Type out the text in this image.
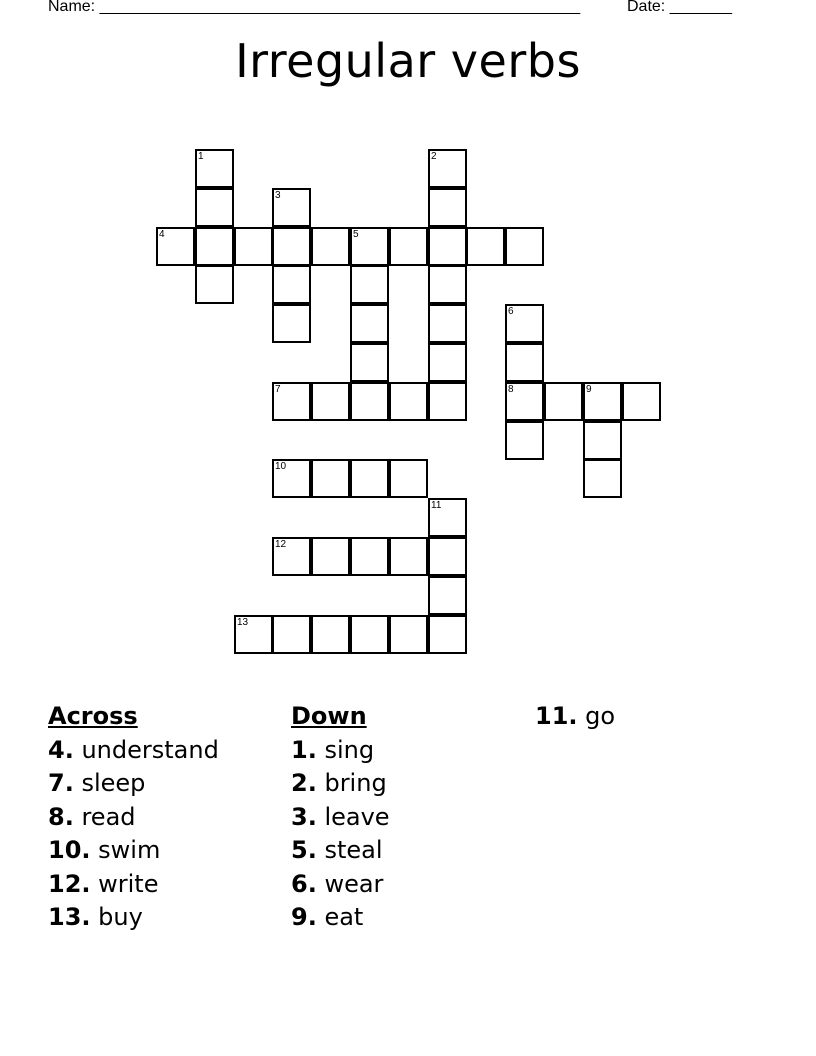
Name: ______________________________________________________	Date: _______
Irregular verbs
1	2
3
4	5
6
7	8	9
10
11
12
13
Across
4. understand
7. sleep
8. read
10. swim
12. write
13. buy
Down
1. sing
2. bring
3. leave
5. steal
6. wear
9. eat
11. go
